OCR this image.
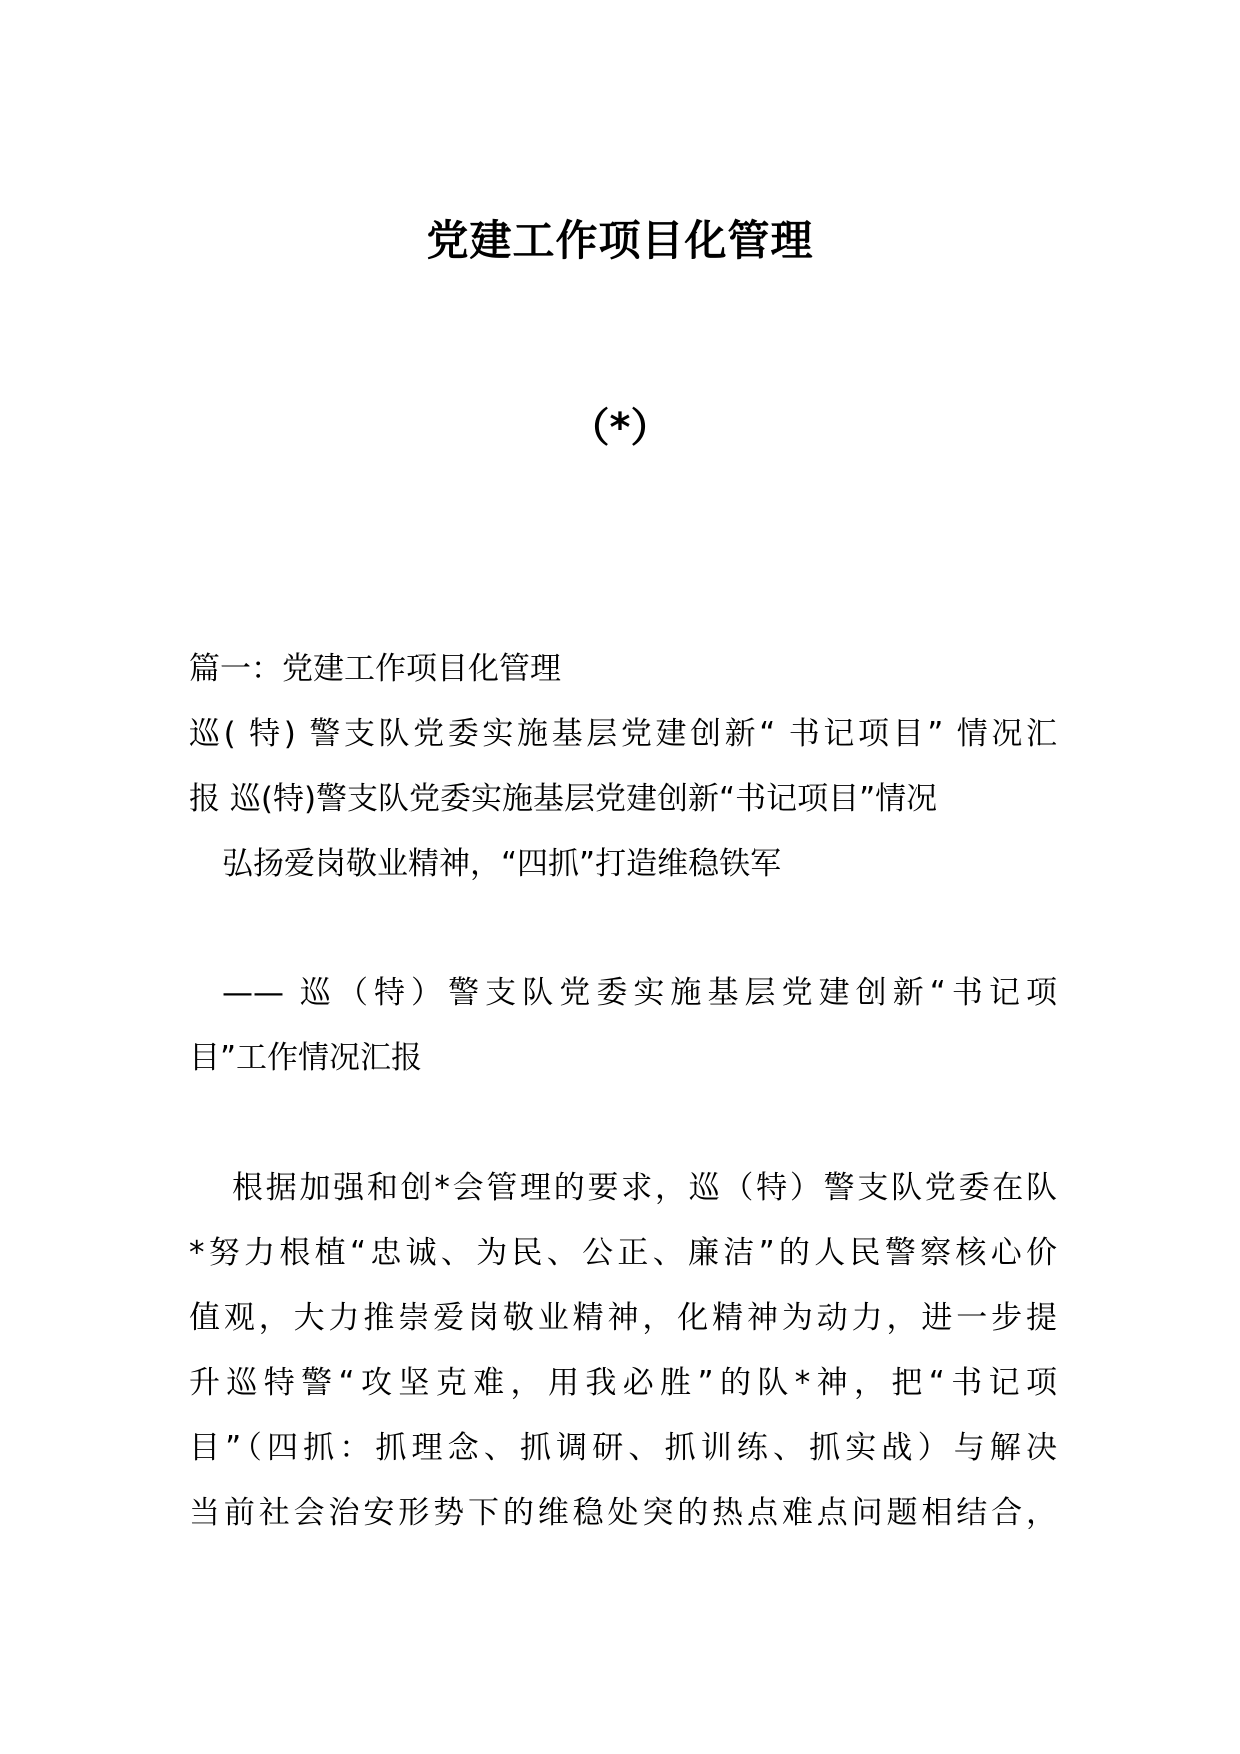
党建工作项目化管理
（*）
篇一：党建工作项目化管理
巡( 特) 警支队党委实施基层党建创新“ 书记项目” 情况汇
报 巡(特)警支队党委实施基层党建创新“书记项目”情况
弘扬爱岗敬业精神，“四抓”打造维稳铁军
—— 巡（特）警支队党委实施基层党建创新“书记项
目”工作情况汇报
根据加强和创*会管理的要求，巡（特）警支队党委在队
*努力根植“忠诚、为民、公正、廉洁”的人民警察核心价
值观，大力推崇爱岗敬业精神，化精神为动力，进一步提
升巡特警“攻坚克难，用我必胜”的队*神，把“书记项
目”（四抓：抓理念、抓调研、抓训练、抓实战）与解决
当前社会治安形势下的维稳处突的热点难点问题相结合，
